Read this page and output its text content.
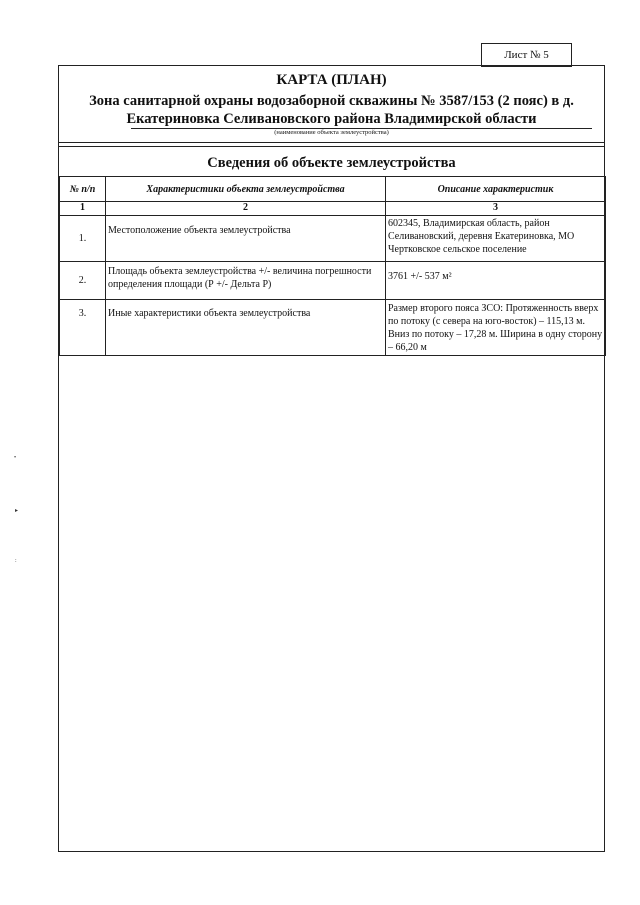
Лист № 5
•
▸
:
КАРТА (ПЛАН)
Зона санитарной охраны водозаборной скважины № 3587/153 (2 пояс) в д.
Екатериновка Селивановского района Владимирской области
(наименование объекта землеустройства)
Сведения об объекте землеустройства
№ п/п	Характеристики объекта землеустройства	Описание характеристик
1	2	3
1.	Местоположение объекта землеустройства	602345, Владимирская область, район Селивановский, деревня Екатериновка, МО Чертковское сельское поселение
2.	Площадь объекта землеустройства +/- величина погрешности определения площади (Р +/- Дельта Р)	3761 +/- 537 м²
3.	Иные характеристики объекта землеустройства	Размер второго пояса ЗСО: Протяженность вверх по потоку (с севера на юго-восток) – 115,13 м. Вниз по потоку – 17,28 м. Ширина в одну сторону – 66,20 м
